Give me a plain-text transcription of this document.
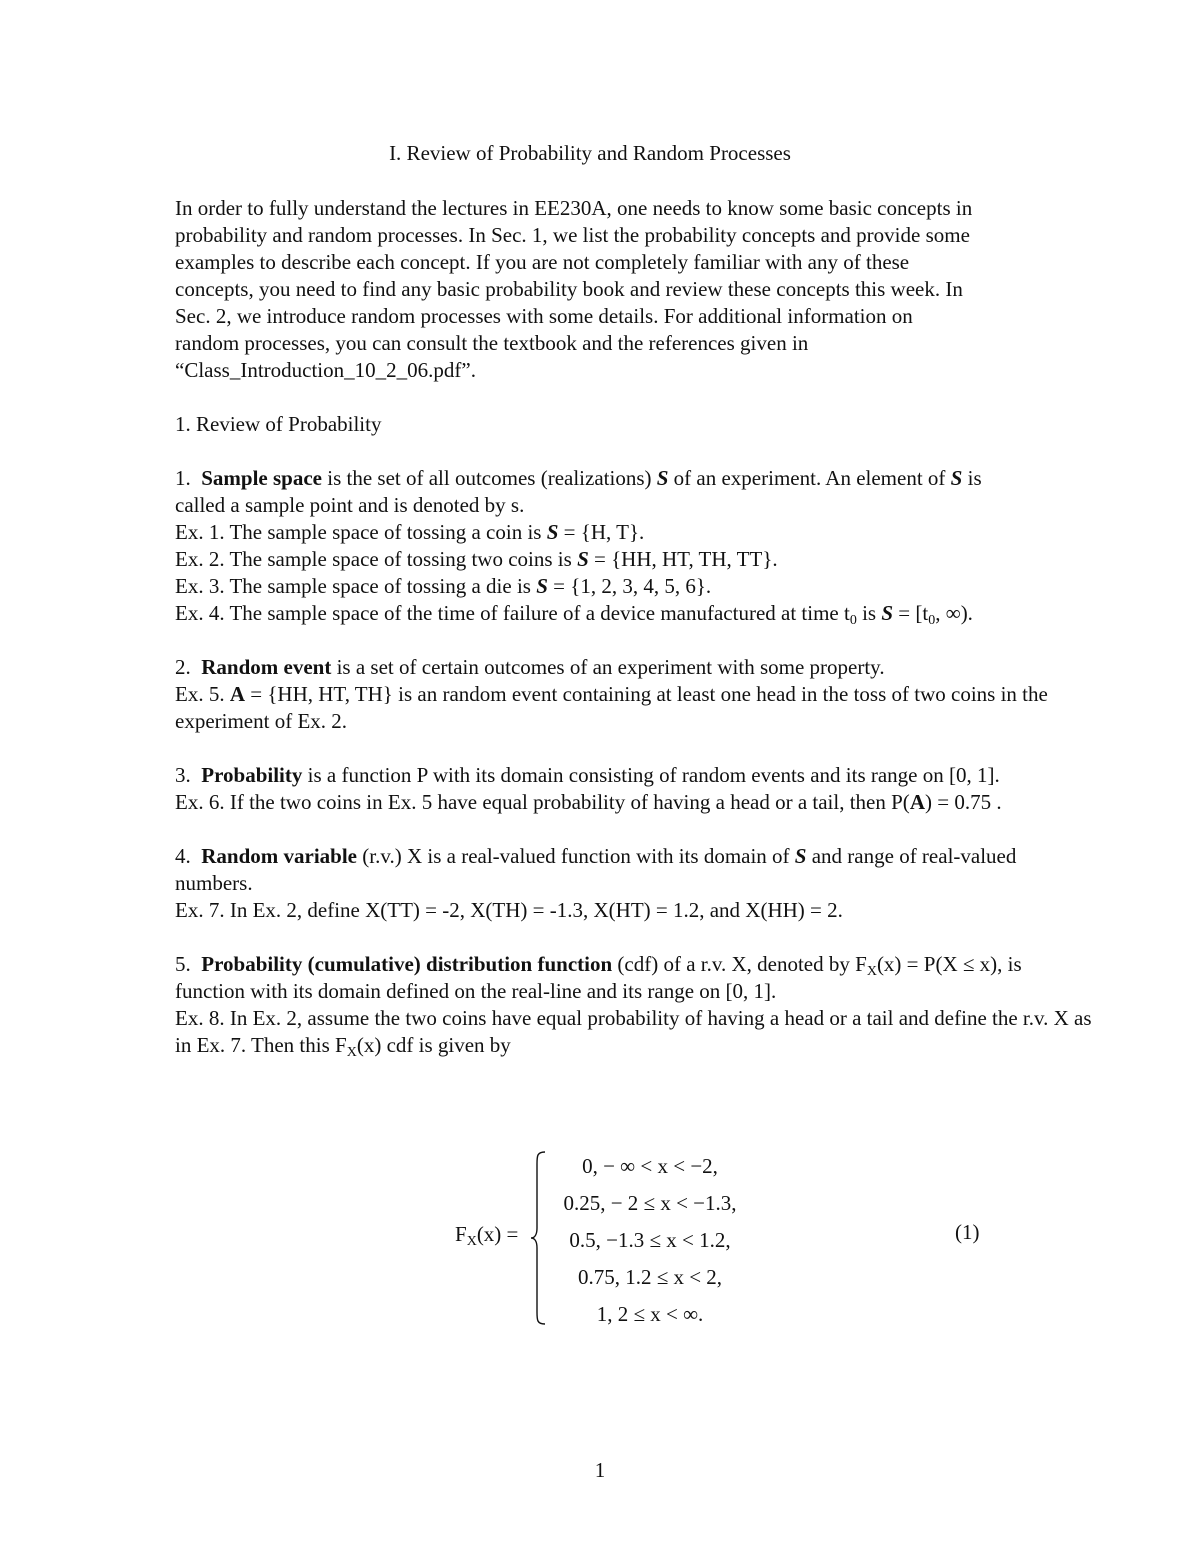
I. Review of Probability and Random Processes

In order to fully understand the lectures in EE230A, one needs to know some basic concepts in probability and random processes. In Sec. 1, we list the probability concepts and provide some examples to describe each concept. If you are not completely familiar with any of these concepts, you need to find any basic probability book and review these concepts this week. In Sec. 2, we introduce random processes with some details. For additional information on random processes, you can consult the textbook and the references given in “Class_Introduction_10_2_06.pdf”.

1. Review of Probability

1. Sample space is the set of all outcomes (realizations) S of an experiment. An element of S is called a sample point and is denoted by s.

Ex. 1. The sample space of tossing a coin is S = {H, T}.

Ex. 2. The sample space of tossing two coins is S = {HH, HT, TH, TT}.

Ex. 3. The sample space of tossing a die is S = {1, 2, 3, 4, 5, 6}.

Ex. 4. The sample space of the time of failure of a device manufactured at time $t_0$ is $S = [t_0$, ∞).

2. Random event is a set of certain outcomes of an experiment with some property.

Ex. 5. A = {HH, HT, TH} is an random event containing at least one head in the toss of two coins in the experiment of Ex. 2.

3. Probability is a function P with its domain consisting of random events and its range on [0, 1].

Ex. 6. If the two coins in Ex. 5 have equal probability of having a head or a tail, then P(A) = 0.75 .

4. Random variable (r.v.) X is a real-valued function with its domain of S and range of real-valued numbers.

Ex. 7. In Ex. 2, define X(TT) = -2, X(TH) = -1.3, X(HT) = 1.2, and X(HH) = 2.

5. Probability (cumulative) distribution function (cdf) of a r.v. X, denoted by $F_X(x) = P(X \le x)$, is function with its domain defined on the real-line and its range on [0, 1].

Ex. 8. In Ex. 2, assume the two coins have equal probability of having a head or a tail and define the r.v. X as in Ex. 7. Then this $F_X(x)$ cdf is given by

$F_X(x)$ =
0, − ∞ < x < −2,
0.25, − 2 ≤ x < −1.3,
0.5, −1.3 ≤ x < 1.2,
0.75, 1.2 ≤ x < 2,
1, 2 ≤ x < ∞.
(1)
1
